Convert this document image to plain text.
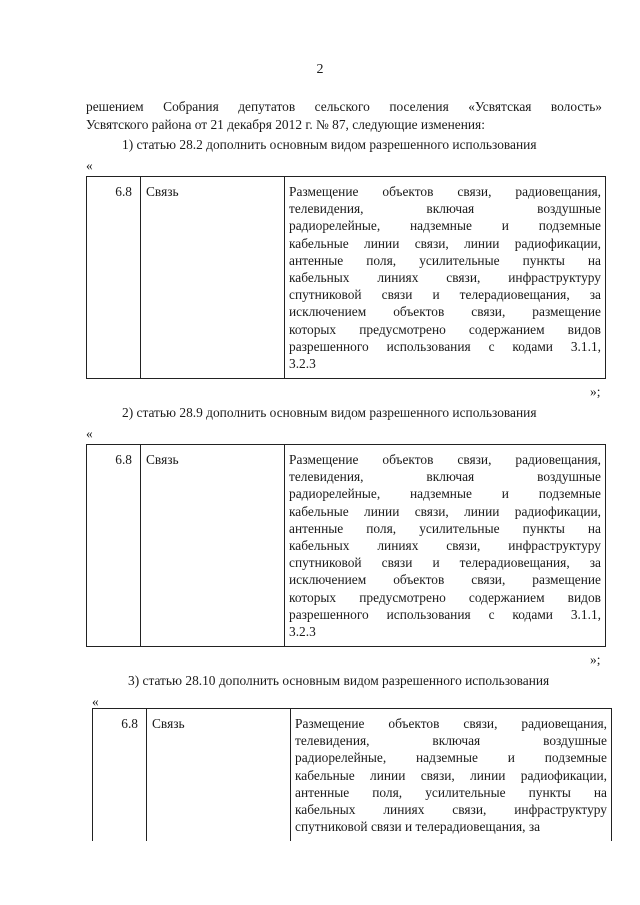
2
решением Собрания депутатов сельского поселения «Усвятская волость»
Усвятского района от 21 декабря 2012 г. № 87, следующие изменения:
1) статью 28.2 дополнить основным видом разрешенного использования
«
6.8	Связь	Размещение объектов связи, радиовещания,
телевидения, включая воздушные
радиорелейные, надземные и подземные
кабельные линии связи, линии радиофикации,
антенные поля, усилительные пункты на
кабельных линиях связи, инфраструктуру
спутниковой связи и телерадиовещания, за
исключением объектов связи, размещение
которых предусмотрено содержанием видов
разрешенного использования с кодами 3.1.1,
3.2.3
»;
2) статью 28.9 дополнить основным видом разрешенного использования
«
6.8	Связь	Размещение объектов связи, радиовещания,
телевидения, включая воздушные
радиорелейные, надземные и подземные
кабельные линии связи, линии радиофикации,
антенные поля, усилительные пункты на
кабельных линиях связи, инфраструктуру
спутниковой связи и телерадиовещания, за
исключением объектов связи, размещение
которых предусмотрено содержанием видов
разрешенного использования с кодами 3.1.1,
3.2.3
»;
3) статью 28.10 дополнить основным видом разрешенного использования
«
6.8	Связь	Размещение объектов связи, радиовещания,
телевидения, включая воздушные
радиорелейные, надземные и подземные
кабельные линии связи, линии радиофикации,
антенные поля, усилительные пункты на
кабельных линиях связи, инфраструктуру
спутниковой связи и телерадиовещания, за
